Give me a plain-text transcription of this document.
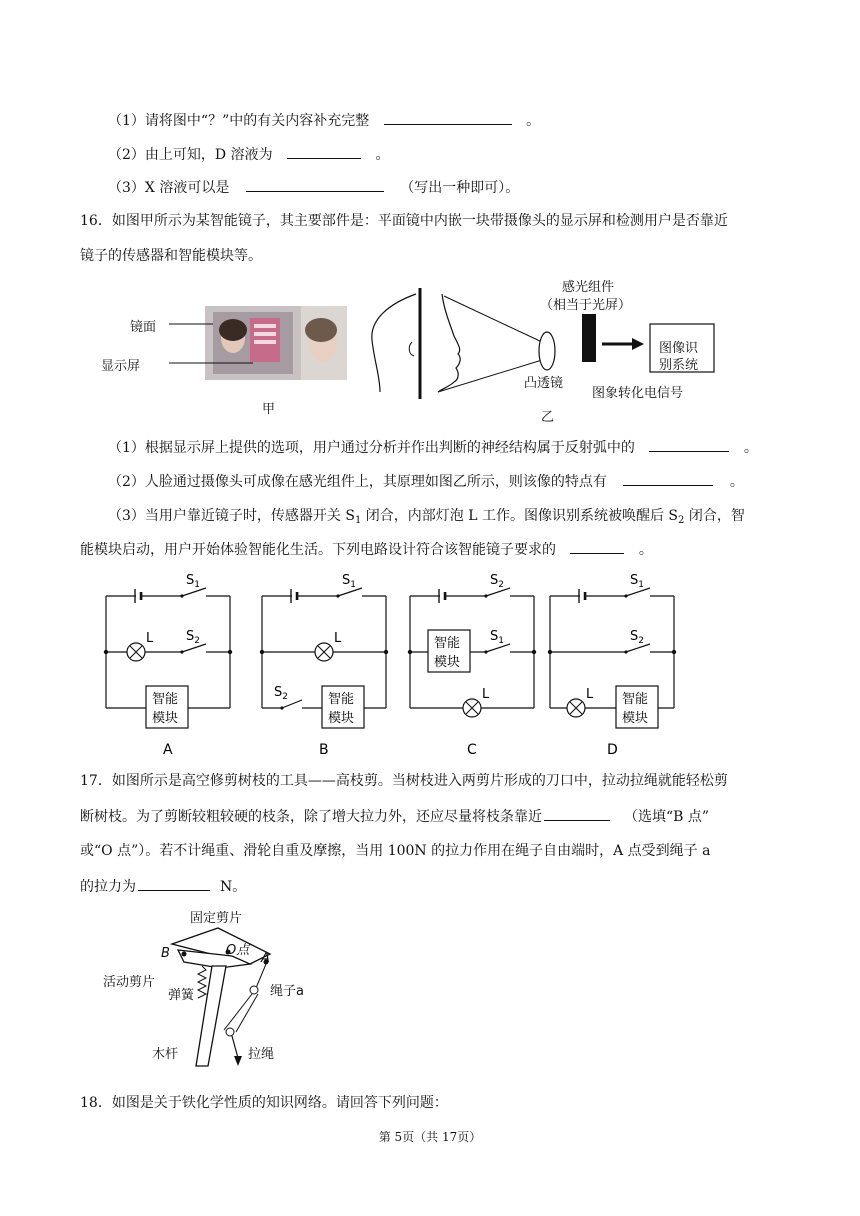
（1）请将图中“？”中的有关内容补充完整	。
（2）由上可知，D 溶液为	。
（3）X 溶液可以是	（写出一种即可）。
16．如图甲所示为某智能镜子，其主要部件是：平面镜中内嵌一块带摄像头的显示屏和检测用户是否靠近
镜子的传感器和智能模块等。
镜面
显示屏
甲
感光组件
（相当于光屏）
图像识
别系统
凸透镜
图象转化电信号
乙
（1）根据显示屏上提供的选项，用户通过分析并作出判断的神经结构属于反射弧中的	。
（2）人脸通过摄像头可成像在感光组件上，其原理如图乙所示，则该像的特点有	。
（3）当用户靠近镜子时，传感器开关 $S_1$ 闭合，内部灯泡 L 工作。图像识别系统被唤醒后 $S_2$ 闭合，智
能模块启动，用户开始体验智能化生活。下列电路设计符合该智能镜子要求的	。
A
$S_1$
L	$S_2$
智能
模块
B
$S_1$
L
$S_2$	智能
模块
C
$S_2$
智能
模块
$S_1$
L
D
$S_1$
$S_2$
L 智能
模块
17．如图所示是高空修剪树枝的工具——高枝剪。当树枝进入两剪片形成的刀口中，拉动拉绳就能轻松剪
断树枝。为了剪断较粗较硬的枝条，除了增大拉力外，还应尽量将枝条靠近	（选填“B 点”
或“O 点”）。若不计绳重、滑轮自重及摩擦，当用 100N 的拉力作用在绳子自由端时，A 点受到绳子 a
的拉力为	N。
固定剪片
O点
B	A
活动剪片
弹簧	绳子a
木杆	拉绳
18．如图是关于铁化学性质的知识网络。请回答下列问题：
第 5页（共 17页）
